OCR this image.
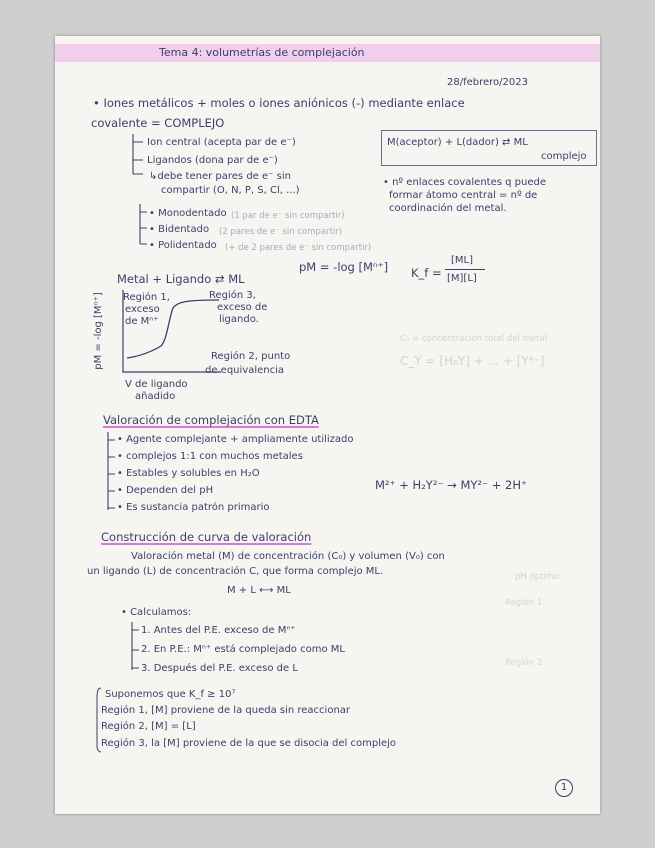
Tema 4: volumetrías de complejación
28/febrero/2023
C₀ = concentración total del metal
C_Y = [H₆Y] + ... + [Y⁴⁻]
pH óptimo
Región 1
Región 2
• Iones metálicos + moles o iones aniónicos (-) mediante enlace
covalente = COMPLEJO
Ion central (acepta par de e⁻)
Ligandos (dona par de e⁻)
↳debe tener pares de e⁻ sin
compartir (O, N, P, S, Cl, ...)
• Monodentado (1 par de e⁻ sin compartir)
• Bidentado (2 pares de e⁻ sin compartir)
• Polidentado (+ de 2 pares de e⁻ sin compartir)
M(aceptor) + L(dador) ⇄ ML
complejo
• nº enlaces covalentes q puede
formar átomo central = nº de
coordinación del metal.
Metal + Ligando ⇄ ML
pM = -log [Mⁿ⁺] K_f =
[ML]
[M][L]
pM = -log [Mⁿ⁺]
V de ligando
añadido
Región 1,
exceso
de Mⁿ⁺
Región 3,
exceso de
ligando.
Región 2, punto
de equivalencia
Valoración de complejación con EDTA
• Agente complejante + ampliamente utilizado
• complejos 1:1 con muchos metales
• Estables y solubles en H₂O
• Dependen del pH
• Es sustancia patrón primario
M²⁺ + H₂Y²⁻ → MY²⁻ + 2H⁺
Construcción de curva de valoración
Valoración metal (M) de concentración (C₀) y volumen (V₀) con
un ligando (L) de concentración C, que forma complejo ML.
M + L ⟷ ML
• Calculamos:
1. Antes del P.E. exceso de Mⁿ⁺
2. En P.E.: Mⁿ⁺ está complejado como ML
3. Después del P.E. exceso de L
Suponemos que K_f ≥ 10⁷
Región 1, [M] proviene de la queda sin reaccionar
Región 2, [M] = [L]
Región 3, la [M] proviene de la que se disocia del complejo
1
